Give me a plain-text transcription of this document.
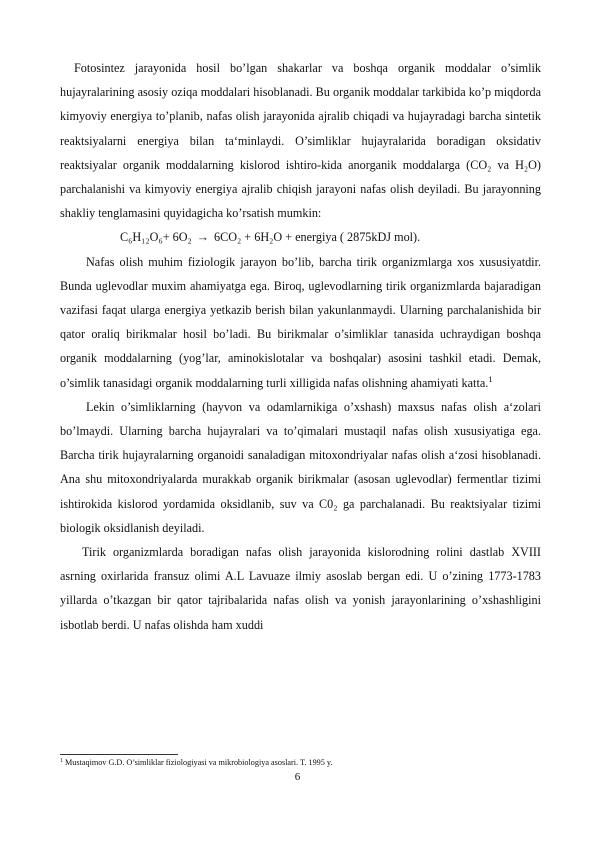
Fotosintez jarayonida hosil bo’lgan shakarlar va boshqa organik moddalar o’simlik hujayralarining asosiy oziqa moddalari hisoblanadi. Bu organik moddalar tarkibida ko’p miqdorda kimyoviy energiya to’planib, nafas olish jarayonida ajralib chiqadi va hujayradagi barcha sintetik reaktsiyalarni energiya bilan ta‘minlaydi. O’simliklar hujayralarida boradigan oksidativ reaktsiyalar organik moddalarning kislorod ishtiro-kida anorganik moddalarga (CO₂ va H₂O) parchalanishi va kimyoviy energiya ajralib chiqish jarayoni nafas olish deyiladi. Bu jarayonning shakliy tenglamasini quyidagicha ko’rsatish mumkin:

C₆H₁₂O₆+ 6O₂ → 6CO₂ + 6H₂O + energiya ( 2875kDJ mol).

Nafas olish muhim fiziologik jarayon bo’lib, barcha tirik organizmlarga xos xususiyatdir. Bunda uglevodlar muxim ahamiyatga ega. Biroq, uglevodlarning tirik organizmlarda bajaradigan vazifasi faqat ularga energiya yetkazib berish bilan yakunlanmaydi. Ularning parchalanishida bir qator oraliq birikmalar hosil bo’ladi. Bu birikmalar o’simliklar tanasida uchraydigan boshqa organik moddalarning (yog’lar, aminokislotalar va boshqalar) asosini tashkil etadi. Demak, o’simlik tanasidagi organik moddalarning turli xilligida nafas olishning ahamiyati katta.$^1$

Lekin o’simliklarning (hayvon va odamlarnikiga o’xshash) maxsus nafas olish a‘zolari bo’lmaydi. Ularning barcha hujayralari va to’qimalari mustaqil nafas olish xususiyatiga ega. Barcha tirik hujayralarning organoidi sanaladigan mitoxondriyalar nafas olish a‘zosi hisoblanadi. Ana shu mitoxondriyalarda murakkab organik birikmalar (asosan uglevodlar) fermentlar tizimi ishtirokida kislorod yordamida oksidlanib, suv va C0₂ ga parchalanadi. Bu reaktsiyalar tizimi biologik oksidlanish deyiladi.

Tirik organizmlarda boradigan nafas olish jarayonida kislorodning rolini dastlab XVIII asrning oxirlarida fransuz olimi A.L Lavuaze ilmiy asoslab bergan edi. U o’zining 1773-1783 yillarda o’tkazgan bir qator tajribalarida nafas olish va yonish jarayonlarining o’xshashligini isbotlab berdi. U nafas olishda ham xuddi

$^1$ Mustaqimov G.D. O’simliklar fiziologiyasi va mikrobiologiya asoslari. T. 1995 y.
6
